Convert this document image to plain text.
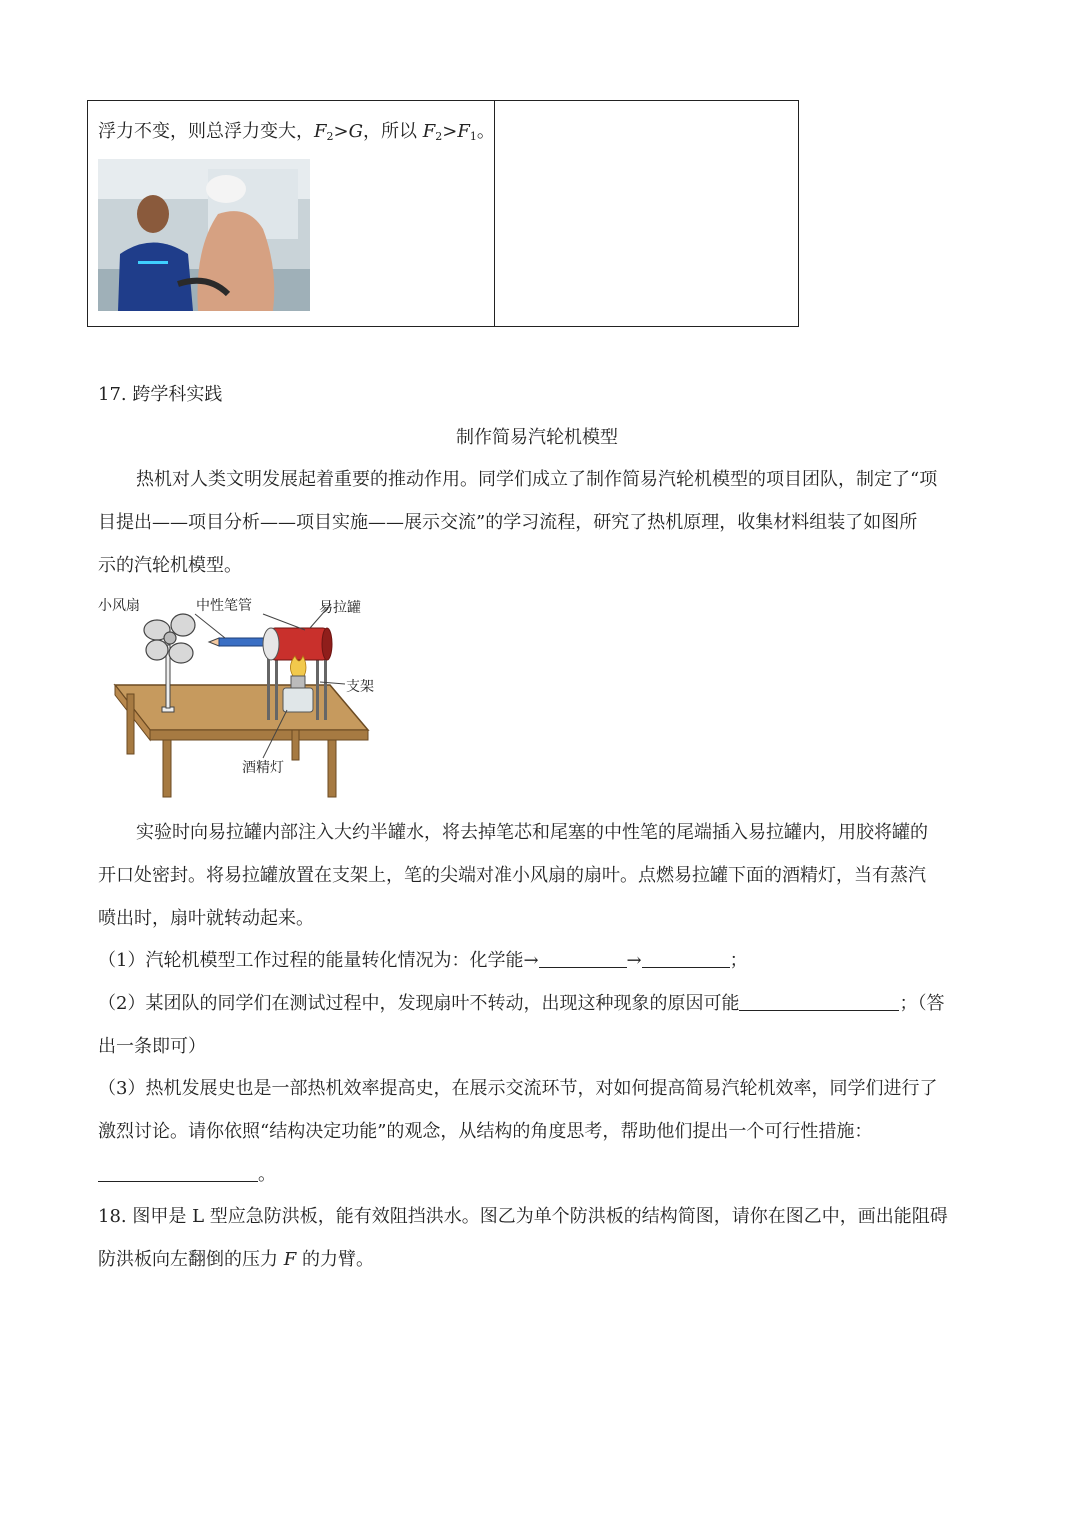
浮力不变，则总浮力变大，$F_2>G$，所以 $F_2>F_1$。
17. 跨学科实践
制作简易汽轮机模型
热机对人类文明发展起着重要的推动作用。同学们成立了制作简易汽轮机模型的项目团队，制定了“项
目提出——项目分析——项目实施——展示交流”的学习流程，研究了热机原理，收集材料组装了如图所
示的汽轮机模型。
小风扇	中性笔管	易拉罐
支架
酒精灯
实验时向易拉罐内部注入大约半罐水，将去掉笔芯和尾塞的中性笔的尾端插入易拉罐内，用胶将罐的
开口处密封。将易拉罐放置在支架上，笔的尖端对准小风扇的扇叶。点燃易拉罐下面的酒精灯，当有蒸汽
喷出时，扇叶就转动起来。
（1）汽轮机模型工作过程的能量转化情况为：化学能→	→	；
（2）某团队的同学们在测试过程中，发现扇叶不转动，出现这种现象的原因可能	；（答
出一条即可）
（3）热机发展史也是一部热机效率提高史，在展示交流环节，对如何提高简易汽轮机效率，同学们进行了
激烈讨论。请你依照“结构决定功能”的观念，从结构的角度思考，帮助他们提出一个可行性措施：
。
18. 图甲是 L 型应急防洪板，能有效阻挡洪水。图乙为单个防洪板的结构简图，请你在图乙中，画出能阻碍
防洪板向左翻倒的压力 F 的力臂。
